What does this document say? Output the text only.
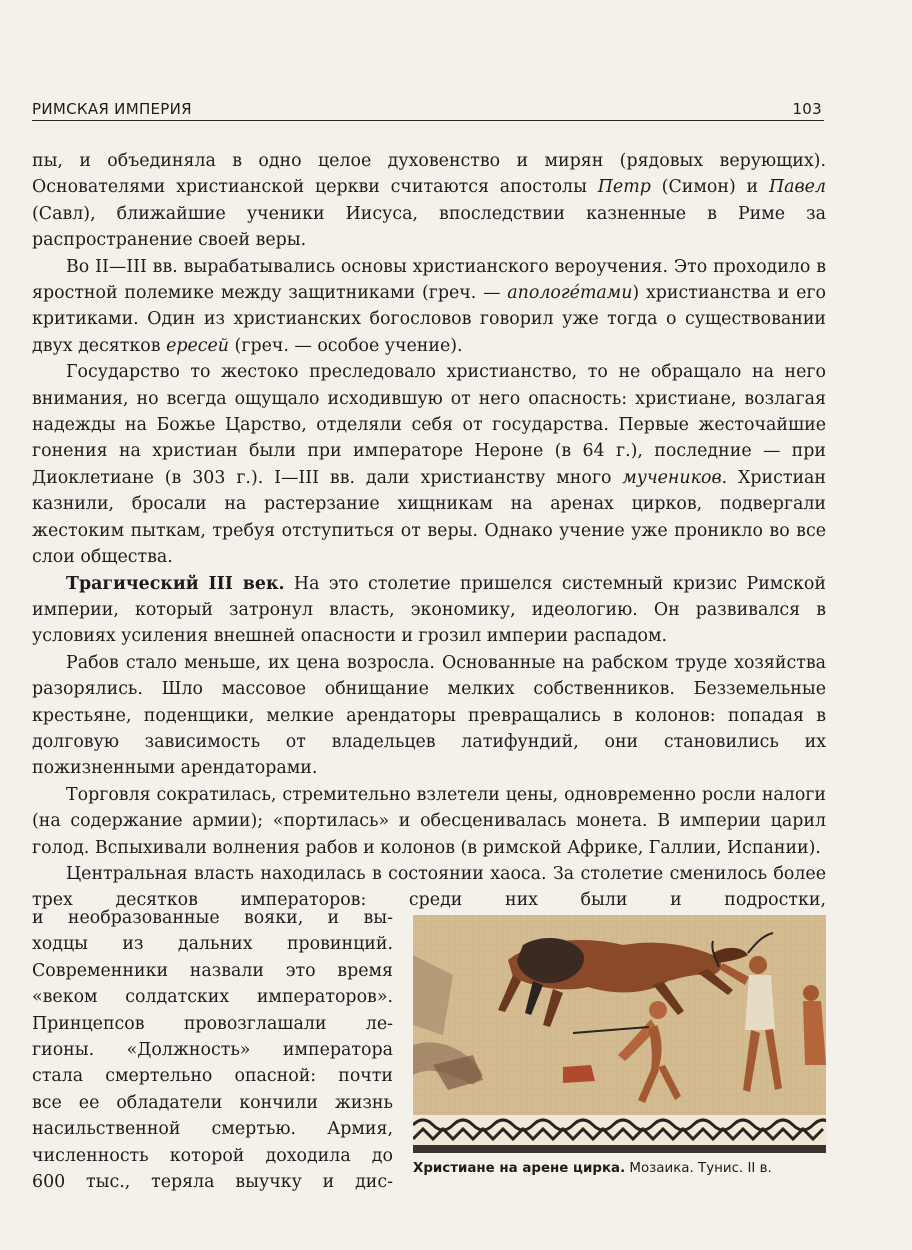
РИМСКАЯ ИМПЕРИЯ	103

пы, и объединяла в одно целое духовенство и мирян (рядовых верующих). Основателями христианской церкви считаются апостолы Петр (Симон) и Павел (Савл), ближайшие ученики Иисуса, впоследствии казненные в Риме за распространение своей веры.

Во II—III вв. вырабатывались основы христианского вероучения. Это проходило в яростной полемике между защитниками (греч. — апологéтами) христианства и его критиками. Один из христианских богословов говорил уже тогда о существовании двух десятков ересей (греч. — особое учение).

Государство то жестоко преследовало христианство, то не обращало на него внимания, но всегда ощущало исходившую от него опасность: христиане, возлагая надежды на Божье Царство, отделяли себя от государства. Первые жесточайшие гонения на христиан были при императоре Нероне (в 64 г.), последние — при Диоклетиане (в 303 г.). I—III вв. дали христианству много мучеников. Христиан казнили, бросали на растерзание хищникам на аренах цирков, подвергали жестоким пыткам, требуя отступиться от веры. Однако учение уже проникло во все слои общества.

Трагический III век. На это столетие пришелся системный кризис Римской империи, который затронул власть, экономику, идеологию. Он развивался в условиях усиления внешней опасности и грозил империи распадом.

Рабов стало меньше, их цена возросла. Основанные на рабском труде хозяйства разорялись. Шло массовое обнищание мелких собственников. Безземельные крестьяне, поденщики, мелкие арендаторы превращались в колонов: попадая в долговую зависимость от владельцев латифундий, они становились их пожизненными арендаторами.

Торговля сократилась, стремительно взлетели цены, одновременно росли налоги (на содержание армии); «портилась» и обесценивалась монета. В империи царил голод. Вспыхивали волнения рабов и колонов (в римской Африке, Галлии, Испании).

Центральная власть находилась в состоянии хаоса. За столетие сменилось более трех десятков императоров: среди них были и подростки,

и необразованные вояки, и вы-
ходцы из дальних провинций.
Современники назвали это время
«веком солдатских императоров».
Принцепсов провозглашали ле-
гионы. «Должность» императора
стала смертельно опасной: почти
все ее обладатели кончили жизнь
насильственной смертью. Армия,
численность которой доходила до
600 тыс., теряла выучку и дис-
Христиане на арене цирка. Мозаика. Тунис. II в.
